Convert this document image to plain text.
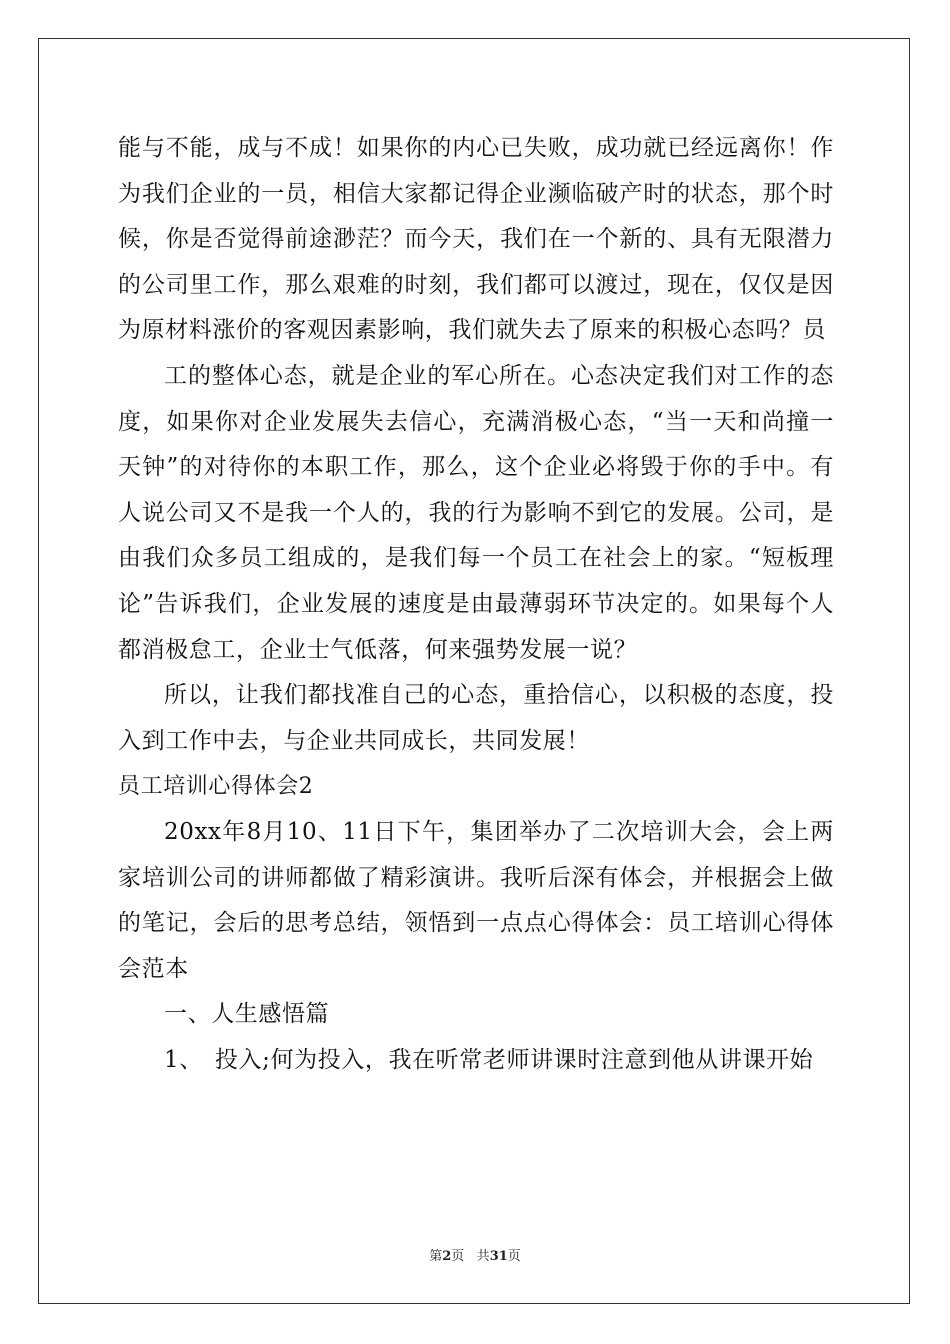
能与不能，成与不成！如果你的内心已失败，成功就已经远离你！作为我们企业的一员，相信大家都记得企业濒临破产时的状态，那个时候，你是否觉得前途渺茫？而今天，我们在一个新的、具有无限潜力的公司里工作，那么艰难的时刻，我们都可以渡过，现在，仅仅是因为原材料涨价的客观因素影响，我们就失去了原来的积极心态吗？员

工的整体心态，就是企业的军心所在。心态决定我们对工作的态度，如果你对企业发展失去信心，充满消极心态，“当一天和尚撞一天钟”的对待你的本职工作，那么，这个企业必将毁于你的手中。有人说公司又不是我一个人的，我的行为影响不到它的发展。公司，是由我们众多员工组成的，是我们每一个员工在社会上的家。“短板理论”告诉我们，企业发展的速度是由最薄弱环节决定的。如果每个人都消极怠工，企业士气低落，何来强势发展一说？

所以，让我们都找准自己的心态，重拾信心，以积极的态度，投入到工作中去，与企业共同成长，共同发展！

员工培训心得体会2

20xx年8月10、11日下午，集团举办了二次培训大会，会上两家培训公司的讲师都做了精彩演讲。我听后深有体会，并根据会上做的笔记，会后的思考总结，领悟到一点点心得体会：员工培训心得体会范本

一、人生感悟篇

1、　投入;何为投入，我在听常老师讲课时注意到他从讲课开始

第2页 共31页
